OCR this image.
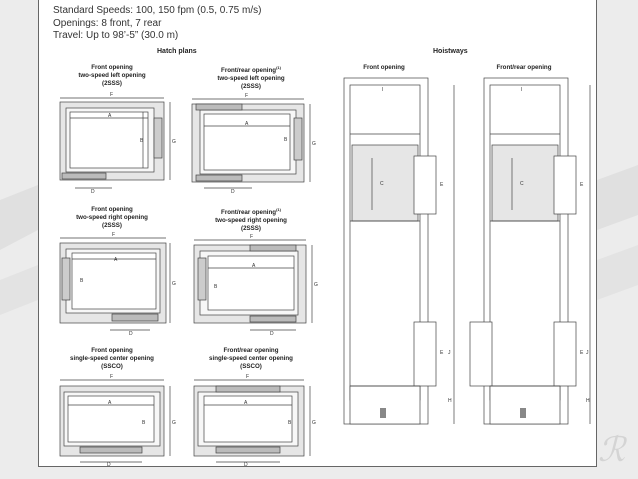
Standard Speeds: 100, 150 fpm (0.5, 0.75 m/s)
Openings: 8 front, 7 rear
Travel: Up to 98’-5” (30.0 m)
Hatch plans	Hoistways
Front opening
two-speed left opening
(2SSS)
Front/rear opening$^{(1)}$
two-speed left opening
(2SSS)
Front opening
two-speed right opening
(2SSS)
Front/rear opening$^{(1)}$
two-speed right opening
(2SSS)
Front opening
single-speed center opening
(SSCO)
Front/rear opening
single-speed center opening
(SSCO)
Front opening	Front/rear opening
F
A
B	G
D
F
A
B
G
D
F
A
B	G
D
F
A
B	G
D
F
A
B	G
D
F
A
B	G
D
I
C	E
E J
H
I
C	E
E J
H
ℛ
